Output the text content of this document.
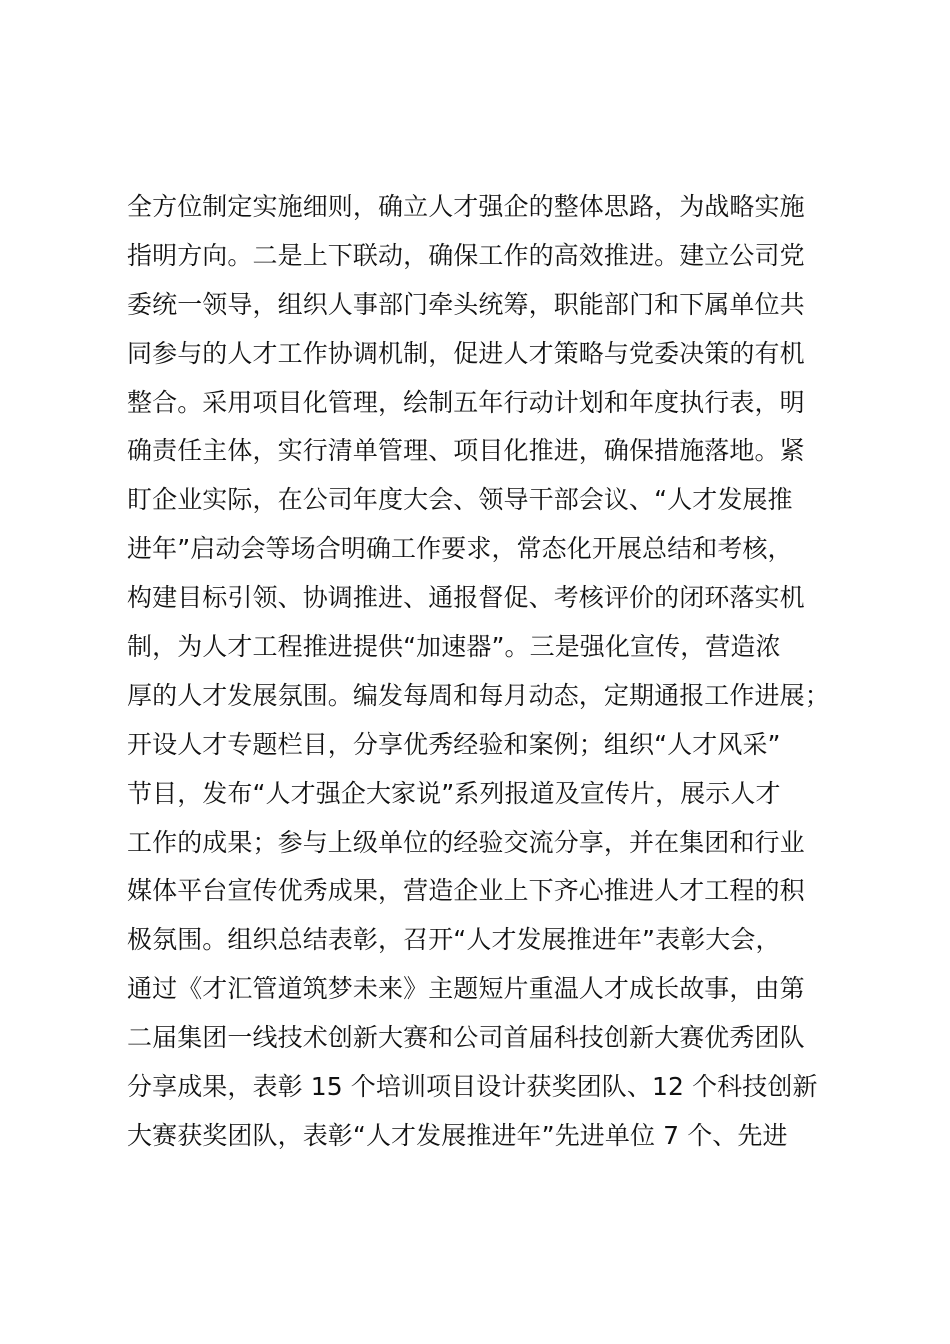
全方位制定实施细则，确立人才强企的整体思路，为战略实施
指明方向。二是上下联动，确保工作的高效推进。建立公司党
委统一领导，组织人事部门牵头统筹，职能部门和下属单位共
同参与的人才工作协调机制，促进人才策略与党委决策的有机
整合。采用项目化管理，绘制五年行动计划和年度执行表，明
确责任主体，实行清单管理、项目化推进，确保措施落地。紧
盯企业实际，在公司年度大会、领导干部会议、“人才发展推
进年”启动会等场合明确工作要求，常态化开展总结和考核，
构建目标引领、协调推进、通报督促、考核评价的闭环落实机
制，为人才工程推进提供“加速器”。三是强化宣传，营造浓
厚的人才发展氛围。编发每周和每月动态，定期通报工作进展；
开设人才专题栏目，分享优秀经验和案例；组织“人才风采”
节目，发布“人才强企大家说”系列报道及宣传片，展示人才
工作的成果；参与上级单位的经验交流分享，并在集团和行业
媒体平台宣传优秀成果，营造企业上下齐心推进人才工程的积
极氛围。组织总结表彰，召开“人才发展推进年”表彰大会，
通过《才汇管道筑梦未来》主题短片重温人才成长故事，由第
二届集团一线技术创新大赛和公司首届科技创新大赛优秀团队
分享成果，表彰 15 个培训项目设计获奖团队、12 个科技创新
大赛获奖团队，表彰“人才发展推进年”先进单位 7 个、先进
